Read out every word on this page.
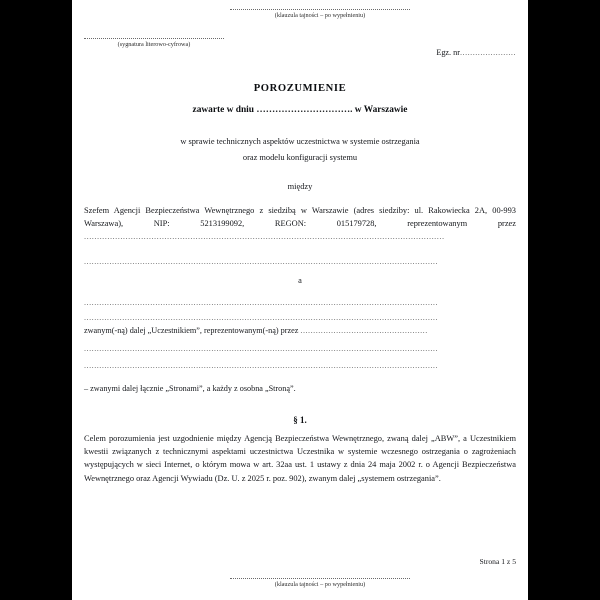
(klauzula tajności – po wypełnieniu)
(sygnatura literowo-cyfrowa)
Egz. nr......................
POROZUMIENIE
zawarte w dniu …………………………. w Warszawie
w sprawie technicznych aspektów uczestnictwa w systemie ostrzegania
oraz modelu konfiguracji systemu
między
Szefem Agencji Bezpieczeństwa Wewnętrznego z siedzibą w Warszawie (adres siedziby: ul. Rakowiecka 2A, 00-993 Warszawa), NIP: 5213199092, REGON: 015179728, reprezentowanym przez ...........................................................................................................................................
...........................................................................................................................................
a
...........................................................................................................................................
...........................................................................................................................................
zwanym(-ną) dalej „Uczestnikiem”, reprezentowanym(-ną) przez ..................................................
...........................................................................................................................................
...........................................................................................................................................
– zwanymi dalej łącznie „Stronami”, a każdy z osobna „Stroną”.
§ 1.
Celem porozumienia jest uzgodnienie między Agencją Bezpieczeństwa Wewnętrznego, zwaną dalej „ABW”, a Uczestnikiem kwestii związanych z technicznymi aspektami uczestnictwa Uczestnika w systemie wczesnego ostrzegania o zagrożeniach występujących w sieci Internet, o którym mowa w art. 32aa ust. 1 ustawy z dnia 24 maja 2002 r. o Agencji Bezpieczeństwa Wewnętrznego oraz Agencji Wywiadu (Dz. U. z 2025 r. poz. 902), zwanym dalej „systemem ostrzegania”.
Strona 1 z 5
(klauzula tajności – po wypełnieniu)
